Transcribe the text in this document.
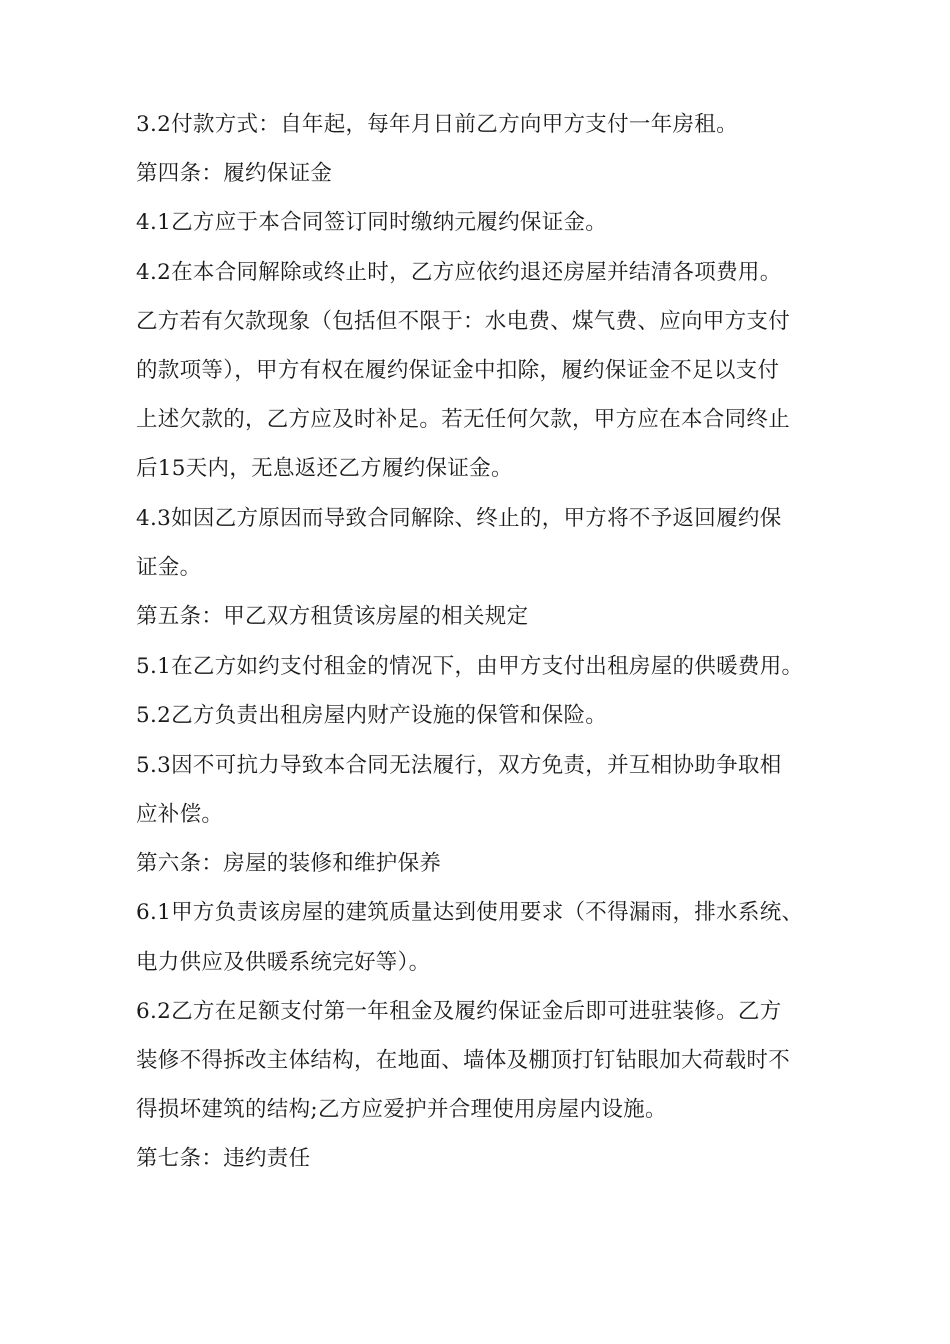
3.2付款方式：自年起，每年月日前乙方向甲方支付一年房租。
第四条：履约保证金
4.1乙方应于本合同签订同时缴纳元履约保证金。
4.2在本合同解除或终止时，乙方应依约退还房屋并结清各项费用。
乙方若有欠款现象（包括但不限于：水电费、煤气费、应向甲方支付
的款项等），甲方有权在履约保证金中扣除，履约保证金不足以支付
上述欠款的，乙方应及时补足。若无任何欠款，甲方应在本合同终止
后15天内，无息返还乙方履约保证金。
4.3如因乙方原因而导致合同解除、终止的，甲方将不予返回履约保
证金。
第五条：甲乙双方租赁该房屋的相关规定
5.1在乙方如约支付租金的情况下，由甲方支付出租房屋的供暖费用。
5.2乙方负责出租房屋内财产设施的保管和保险。
5.3因不可抗力导致本合同无法履行，双方免责，并互相协助争取相
应补偿。
第六条：房屋的装修和维护保养
6.1甲方负责该房屋的建筑质量达到使用要求（不得漏雨，排水系统、
电力供应及供暖系统完好等）。
6.2乙方在足额支付第一年租金及履约保证金后即可进驻装修。乙方
装修不得拆改主体结构，在地面、墙体及棚顶打钉钻眼加大荷载时不
得损坏建筑的结构;乙方应爱护并合理使用房屋内设施。
第七条：违约责任
